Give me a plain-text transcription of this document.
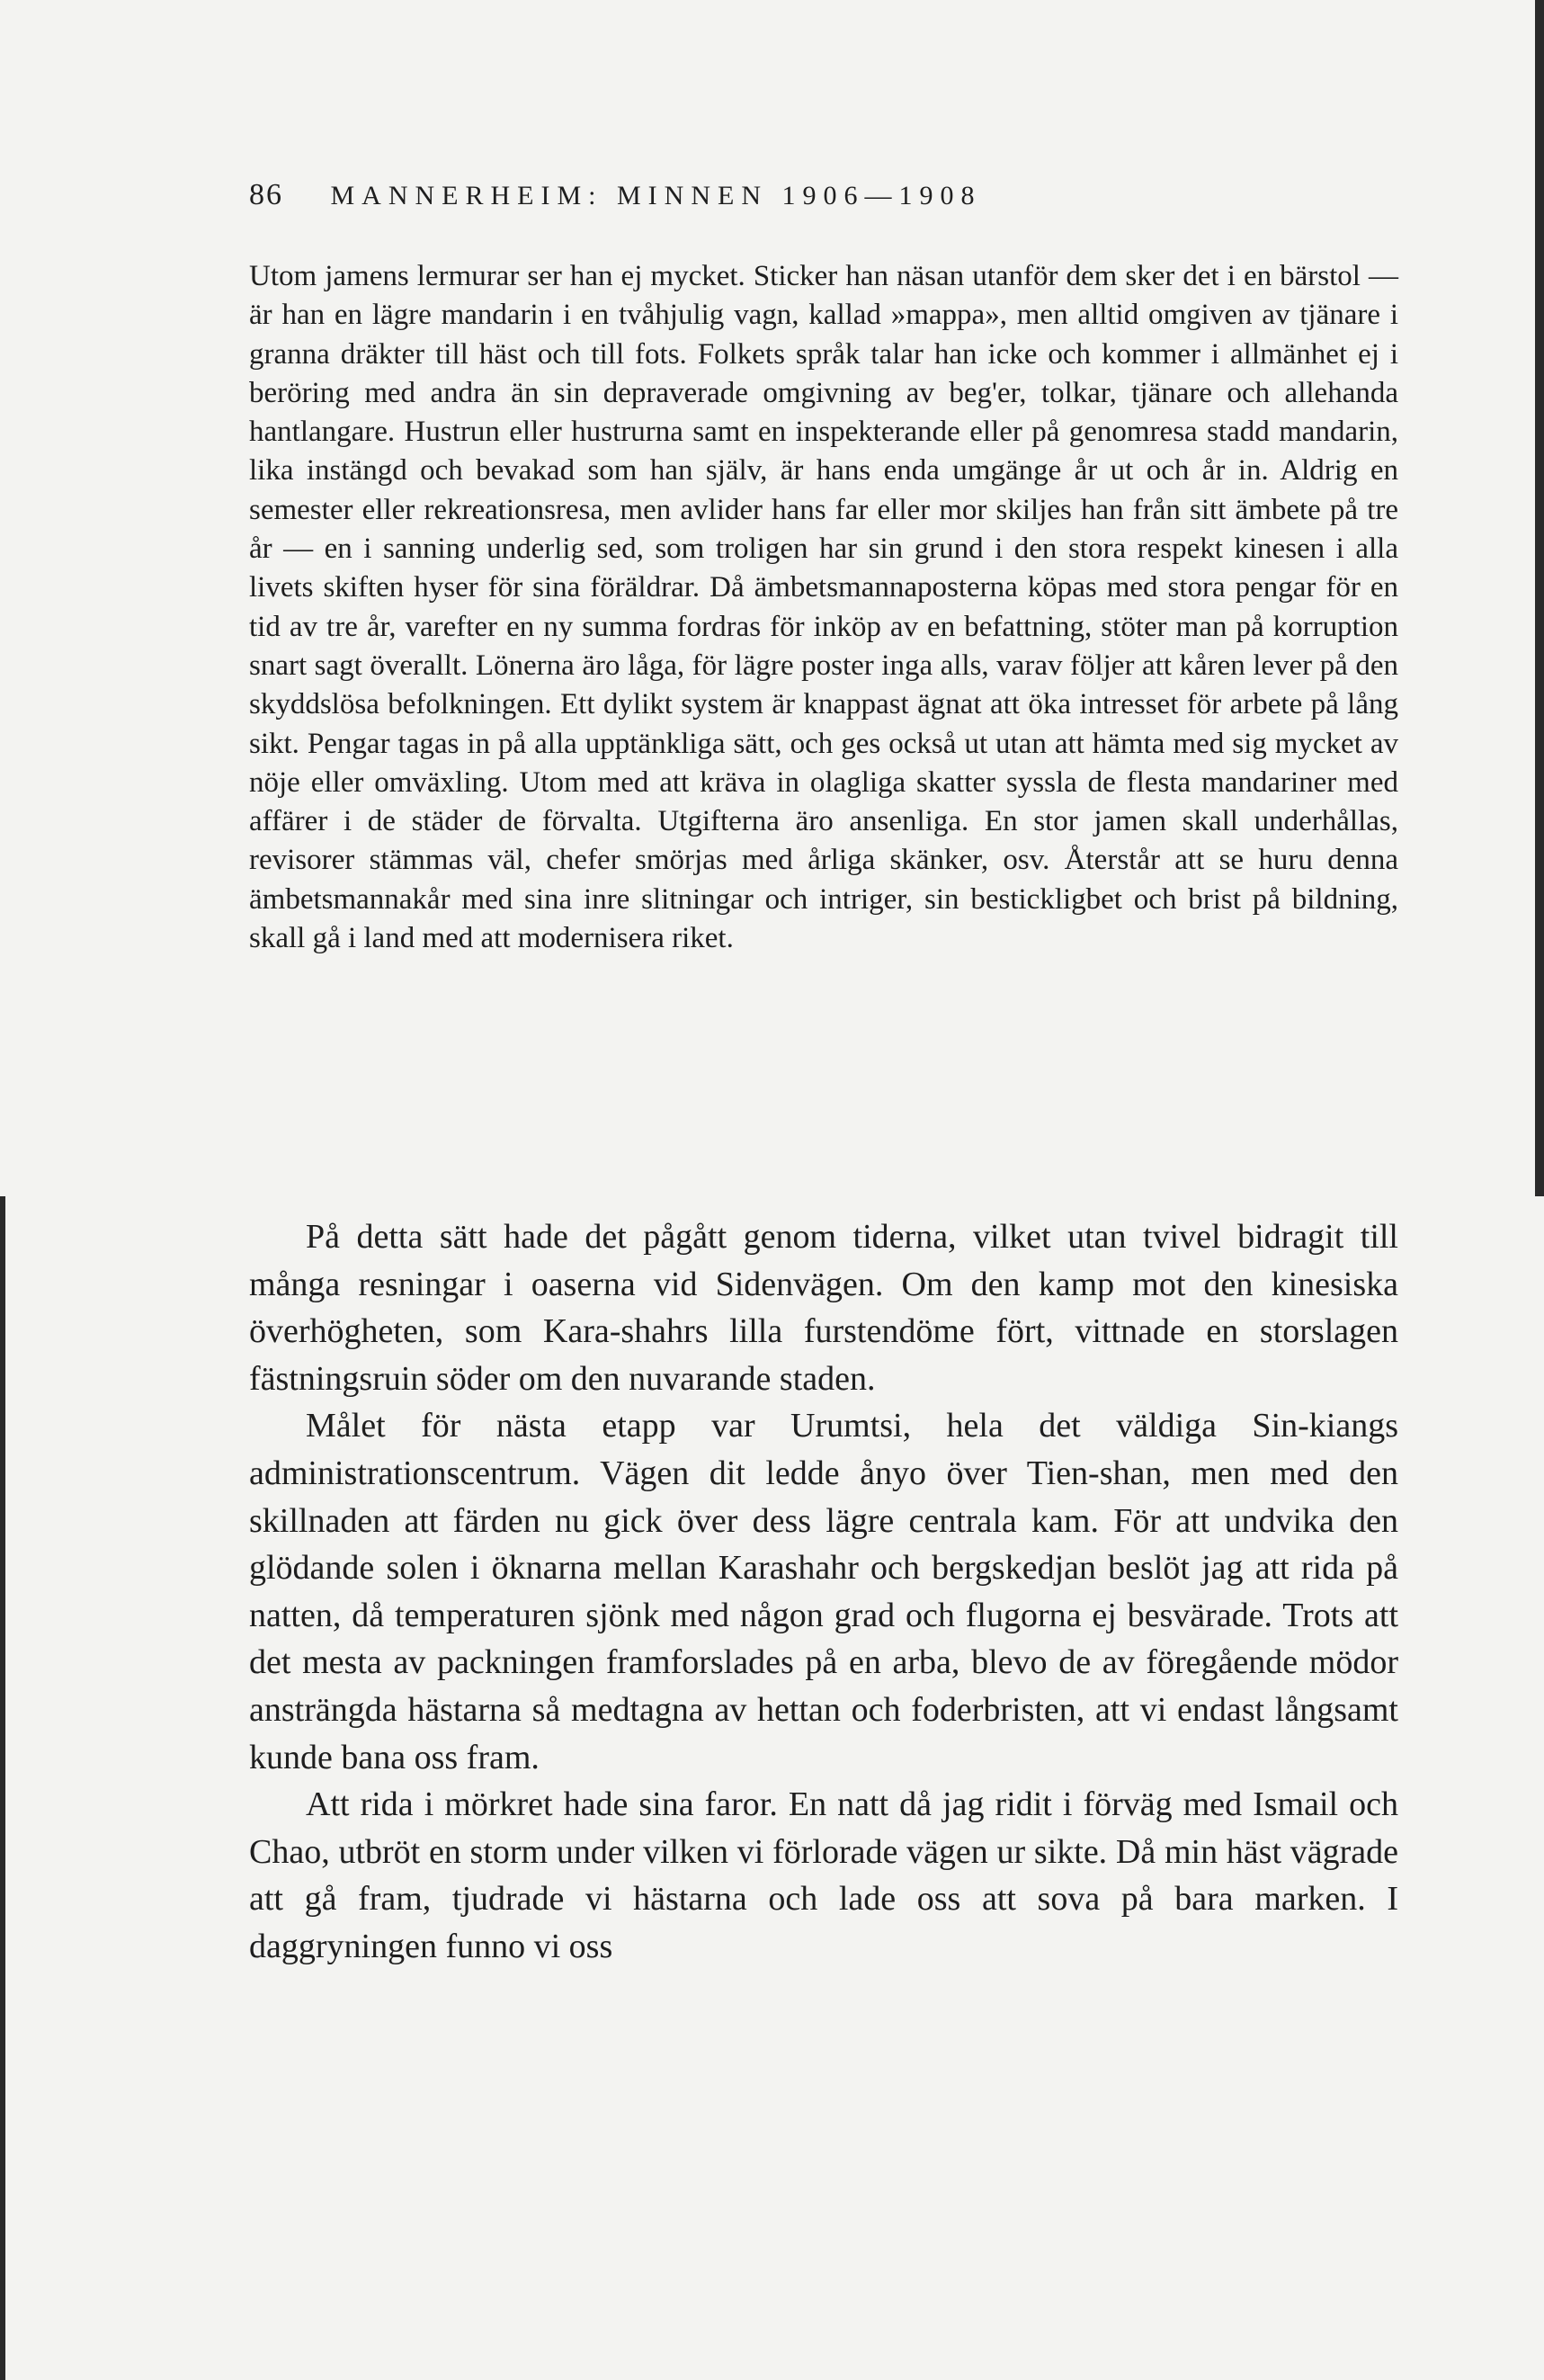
86 MANNERHEIM: MINNEN 1906—1908

Utom jamens lermurar ser han ej mycket. Sticker han näsan utanför dem sker det i en bärstol — är han en lägre mandarin i en tvåhjulig vagn, kallad »mappa», men alltid omgiven av tjänare i granna dräkter till häst och till fots. Folkets språk talar han icke och kommer i allmänhet ej i beröring med andra än sin depraverade omgivning av beg'er, tolkar, tjänare och allehanda hantlangare. Hustrun eller hustrurna samt en inspekterande eller på genomresa stadd mandarin, lika instängd och bevakad som han själv, är hans enda umgänge år ut och år in. Aldrig en semester eller rekreationsresa, men avlider hans far eller mor skiljes han från sitt ämbete på tre år — en i sanning underlig sed, som troligen har sin grund i den stora respekt kinesen i alla livets skiften hyser för sina föräldrar. Då ämbetsmannaposterna köpas med stora pengar för en tid av tre år, varefter en ny summa fordras för inköp av en befattning, stöter man på korruption snart sagt överallt. Lönerna äro låga, för lägre poster inga alls, varav följer att kåren lever på den skyddslösa befolkningen. Ett dylikt system är knappast ägnat att öka intresset för arbete på lång sikt. Pengar tagas in på alla upptänkliga sätt, och ges också ut utan att hämta med sig mycket av nöje eller omväxling. Utom med att kräva in olagliga skatter syssla de flesta mandariner med affärer i de städer de förvalta. Utgifterna äro ansenliga. En stor jamen skall underhållas, revisorer stämmas väl, chefer smörjas med årliga skänker, osv. Återstår att se huru denna ämbetsmannakår med sina inre slitningar och intriger, sin bestickligbet och brist på bildning, skall gå i land med att modernisera riket.

På detta sätt hade det pågått genom tiderna, vilket utan tvivel bidragit till många resningar i oaserna vid Sidenvägen. Om den kamp mot den kinesiska överhögheten, som Kara-shahrs lilla furstendöme fört, vittnade en storslagen fästningsruin söder om den nuvarande staden.

Målet för nästa etapp var Urumtsi, hela det väldiga Sin-kiangs administrationscentrum. Vägen dit ledde ånyo över Tien-shan, men med den skillnaden att färden nu gick över dess lägre centrala kam. För att undvika den glödande solen i öknarna mellan Karashahr och bergskedjan beslöt jag att rida på natten, då temperaturen sjönk med någon grad och flugorna ej besvärade. Trots att det mesta av packningen framforslades på en arba, blevo de av föregående mödor ansträngda hästarna så medtagna av hettan och foderbristen, att vi endast långsamt kunde bana oss fram.

Att rida i mörkret hade sina faror. En natt då jag ridit i förväg med Ismail och Chao, utbröt en storm under vilken vi förlorade vägen ur sikte. Då min häst vägrade att gå fram, tjudrade vi hästarna och lade oss att sova på bara marken. I daggryningen funno vi oss
